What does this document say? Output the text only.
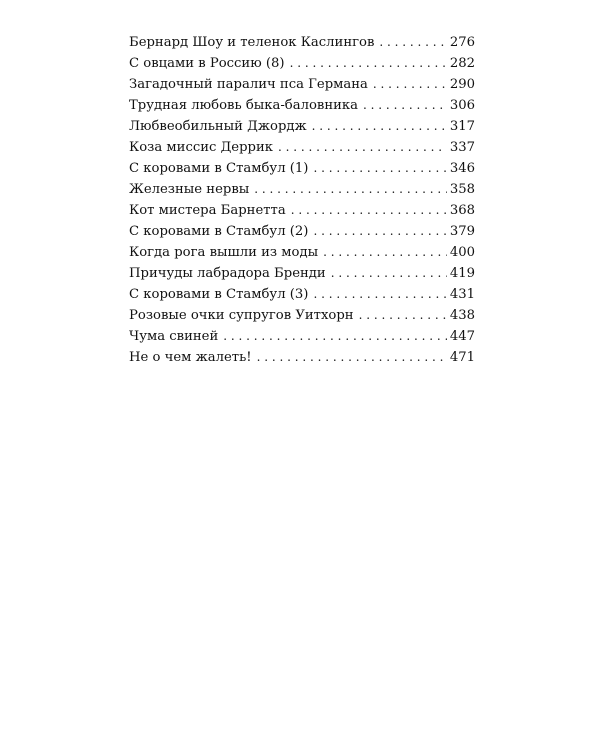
Бернард Шоу и теленок Каслингов . . .	276
С овцами в Россию (8) . . .	282
Загадочный паралич пса Германа . . .	290
Трудная любовь быка-баловника . . .	306
Любвеобильный Джордж . . .	317
Коза миссис Деррик . . .	337
С коровами в Стамбул (1) . . .	346
Железные нервы . . .	358
Кот мистера Барнетта . . .	368
С коровами в Стамбул (2) . . .	379
Когда рога вышли из моды . . .	400
Причуды лабрадора Бренди . . .	419
С коровами в Стамбул (3) . . .	431
Розовые очки супругов Уитхорн . . .	438
Чума свиней . . .	447
Не о чем жалеть! . . .	471
